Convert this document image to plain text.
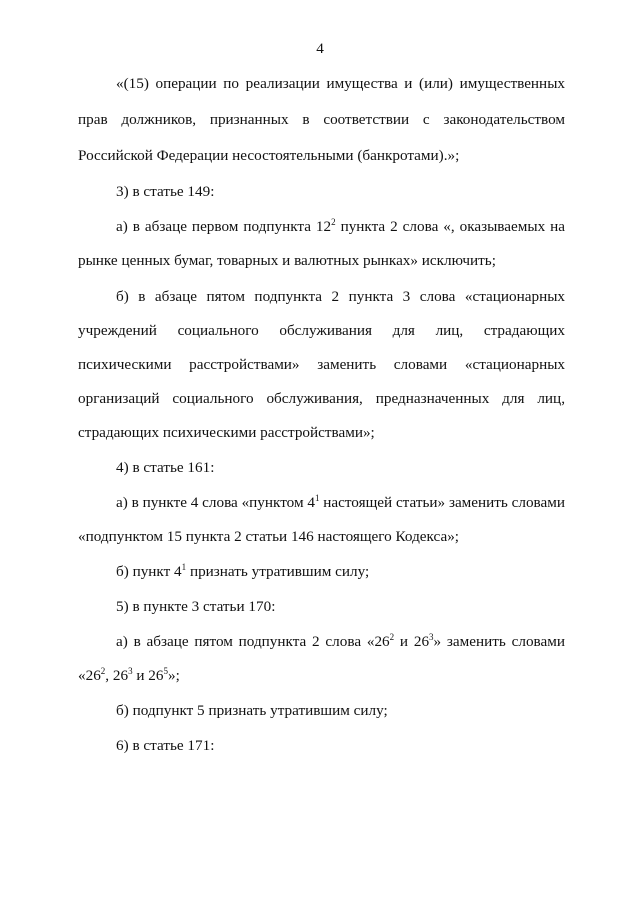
4
«(15) операции по реализации имущества и (или) имущественных
прав должников, признанных в соответствии с законодательством
Российской Федерации несостоятельными (банкротами).»;
3) в статье 149:
а) в абзаце первом подпункта $12^2$ пункта 2 слова «, оказываемых на
рынке ценных бумаг, товарных и валютных рынках» исключить;
б) в абзаце пятом подпункта 2 пункта 3 слова «стационарных
учреждений социального обслуживания для лиц, страдающих
психическими расстройствами» заменить словами «стационарных
организаций социального обслуживания, предназначенных для лиц,
страдающих психическими расстройствами»;
4) в статье 161:
а) в пункте 4 слова «пунктом $4^1$ настоящей статьи» заменить словами
«подпунктом 15 пункта 2 статьи 146 настоящего Кодекса»;
б) пункт $4^1$ признать утратившим силу;
5) в пункте 3 статьи 170:
а) в абзаце пятом подпункта 2 слова «$26^2$ и $26^3$» заменить словами
«$26^2$, $26^3$ и $26^5$»;
б) подпункт 5 признать утратившим силу;
6) в статье 171:
